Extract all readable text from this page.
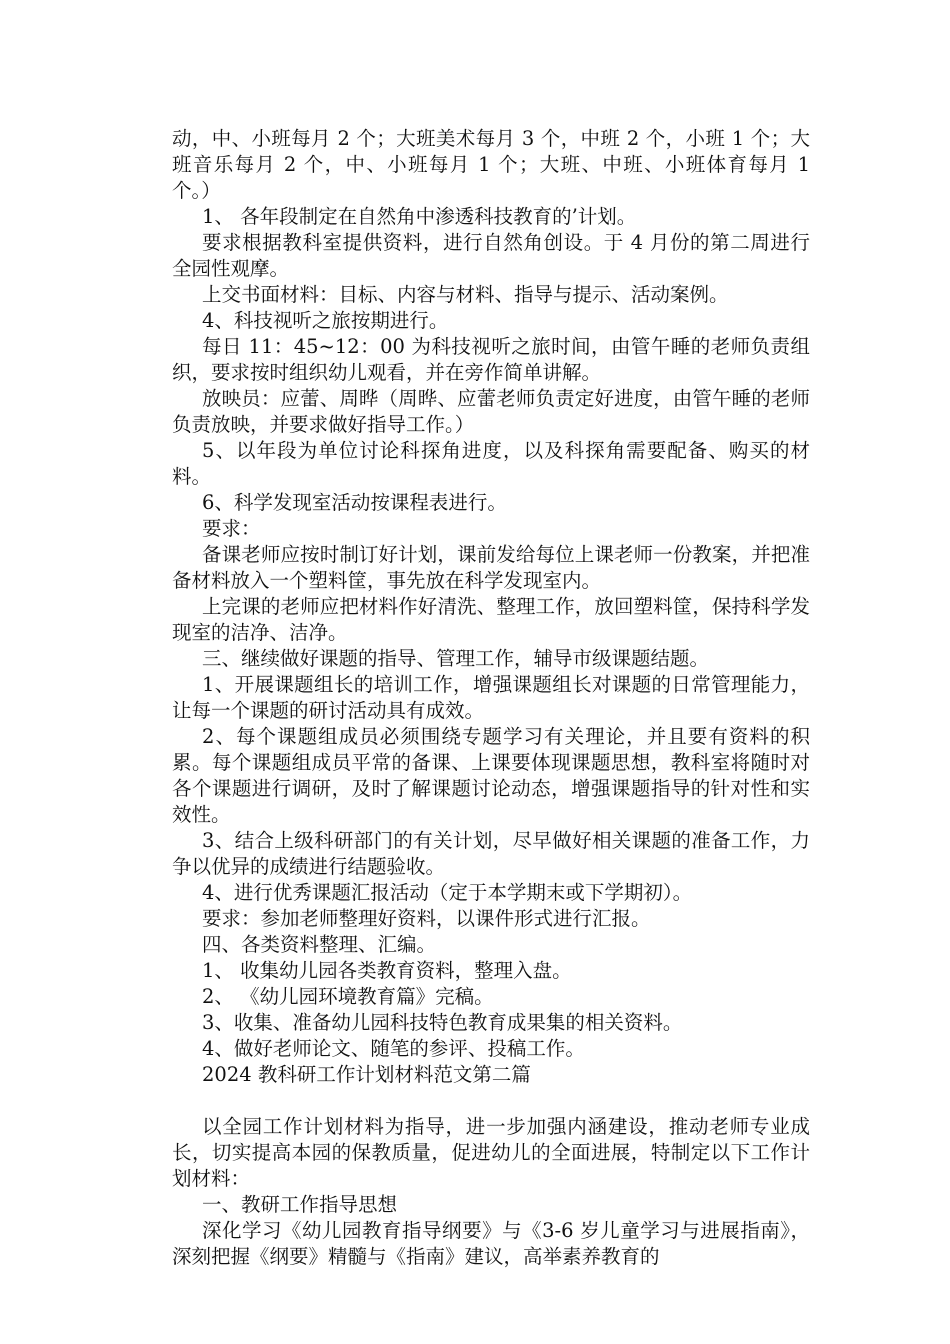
动，中、小班每月 2 个；大班美术每月 3 个，中班 2 个，小班 1 个；大班音乐每月 2 个，中、小班每月 1 个；大班、中班、小班体育每月 1 个。）

1、 各年段制定在自然角中渗透科技教育的’计划。

要求根据教科室提供资料，进行自然角创设。于 4 月份的第二周进行全园性观摩。

上交书面材料：目标、内容与材料、指导与提示、活动案例。

4、科技视听之旅按期进行。

每日 11：45~12：00 为科技视听之旅时间，由管午睡的老师负责组织，要求按时组织幼儿观看，并在旁作简单讲解。

放映员：应蕾、周晔（周晔、应蕾老师负责定好进度，由管午睡的老师负责放映，并要求做好指导工作。）

5、以年段为单位讨论科探角进度，以及科探角需要配备、购买的材料。

6、科学发现室活动按课程表进行。

要求：

备课老师应按时制订好计划，课前发给每位上课老师一份教案，并把准备材料放入一个塑料筐，事先放在科学发现室内。

上完课的老师应把材料作好清洗、整理工作，放回塑料筐，保持科学发现室的洁净、洁净。

三、继续做好课题的指导、管理工作，辅导市级课题结题。

1、开展课题组长的培训工作，增强课题组长对课题的日常管理能力，让每一个课题的研讨活动具有成效。

2、每个课题组成员必须围绕专题学习有关理论，并且要有资料的积累。每个课题组成员平常的备课、上课要体现课题思想，教科室将随时对各个课题进行调研，及时了解课题讨论动态，增强课题指导的针对性和实效性。

3、结合上级科研部门的有关计划，尽早做好相关课题的准备工作，力争以优异的成绩进行结题验收。

4、进行优秀课题汇报活动（定于本学期末或下学期初）。

要求：参加老师整理好资料，以课件形式进行汇报。

四、各类资料整理、汇编。

1、 收集幼儿园各类教育资料，整理入盘。

2、 《幼儿园环境教育篇》完稿。

3、收集、准备幼儿园科技特色教育成果集的相关资料。

4、做好老师论文、随笔的参评、投稿工作。

2024 教科研工作计划材料范文第二篇

以全园工作计划材料为指导，进一步加强内涵建设，推动老师专业成长，切实提高本园的保教质量，促进幼儿的全面进展，特制定以下工作计划材料：

一、教研工作指导思想

深化学习《幼儿园教育指导纲要》与《3-6 岁儿童学习与进展指南》，深刻把握《纲要》精髓与《指南》建议，高举素养教育的
